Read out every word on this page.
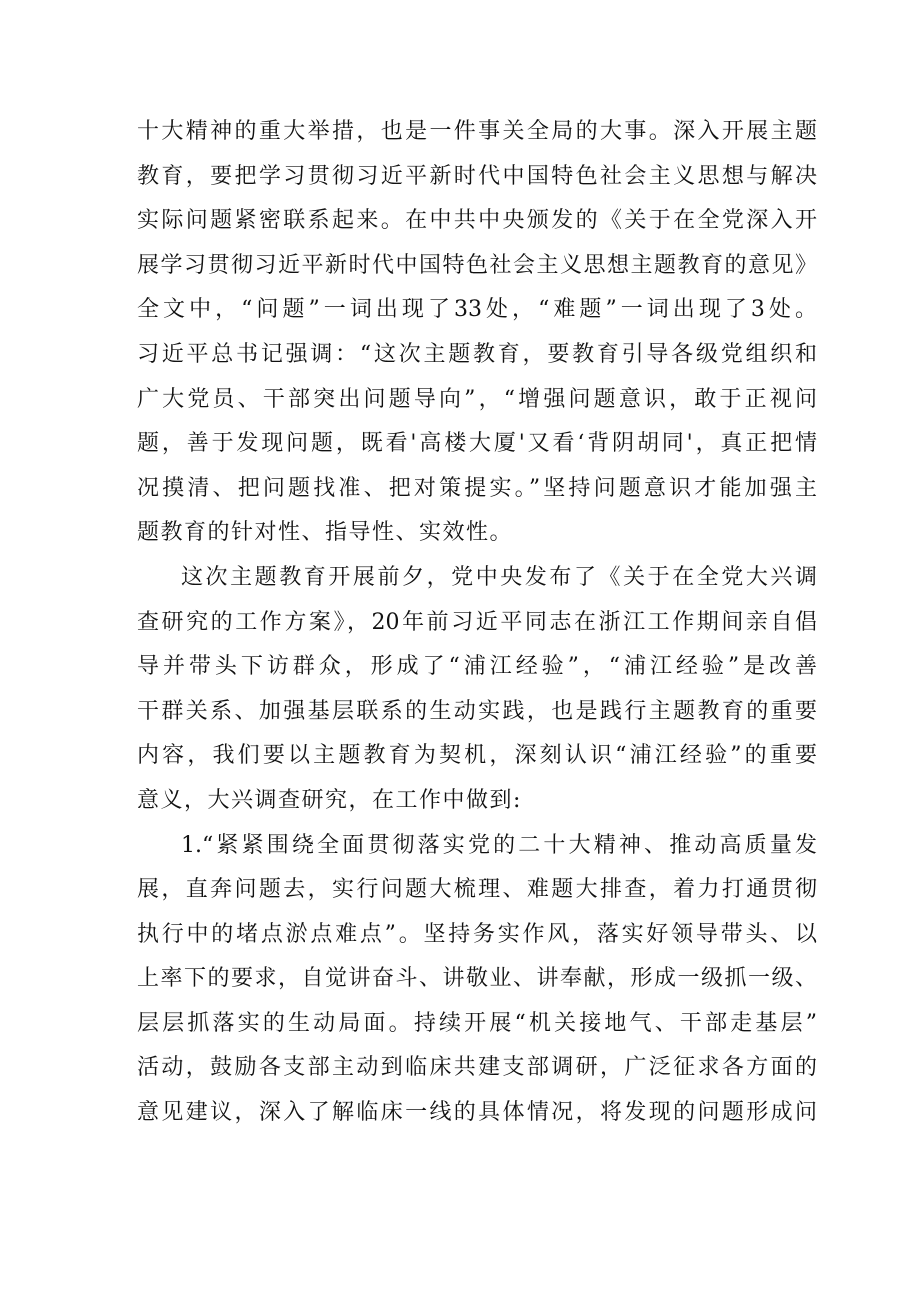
十大精神的重大举措，也是一件事关全局的大事。深入开展主题
教育，要把学习贯彻习近平新时代中国特色社会主义思想与解决
实际问题紧密联系起来。在中共中央颁发的《关于在全党深入开
展学习贯彻习近平新时代中国特色社会主义思想主题教育的意见》
全文中，“问题”一词出现了33处，“难题”一词出现了3处。
习近平总书记强调：“这次主题教育，要教育引导各级党组织和
广大党员、干部突出问题导向”，“增强问题意识，敢于正视问
题，善于发现问题，既看'高楼大厦'又看‘背阴胡同'，真正把情
况摸清、把问题找准、把对策提实。”坚持问题意识才能加强主
题教育的针对性、指导性、实效性。
这次主题教育开展前夕，党中央发布了《关于在全党大兴调
查研究的工作方案》，20年前习近平同志在浙江工作期间亲自倡
导并带头下访群众，形成了“浦江经验”，“浦江经验”是改善
干群关系、加强基层联系的生动实践，也是践行主题教育的重要
内容，我们要以主题教育为契机，深刻认识“浦江经验”的重要
意义，大兴调查研究，在工作中做到:
1.“紧紧围绕全面贯彻落实党的二十大精神、推动高质量发
展，直奔问题去，实行问题大梳理、难题大排查，着力打通贯彻
执行中的堵点淤点难点”。坚持务实作风，落实好领导带头、以
上率下的要求，自觉讲奋斗、讲敬业、讲奉献，形成一级抓一级、
层层抓落实的生动局面。持续开展“机关接地气、干部走基层”
活动，鼓励各支部主动到临床共建支部调研，广泛征求各方面的
意见建议，深入了解临床一线的具体情况，将发现的问题形成问
